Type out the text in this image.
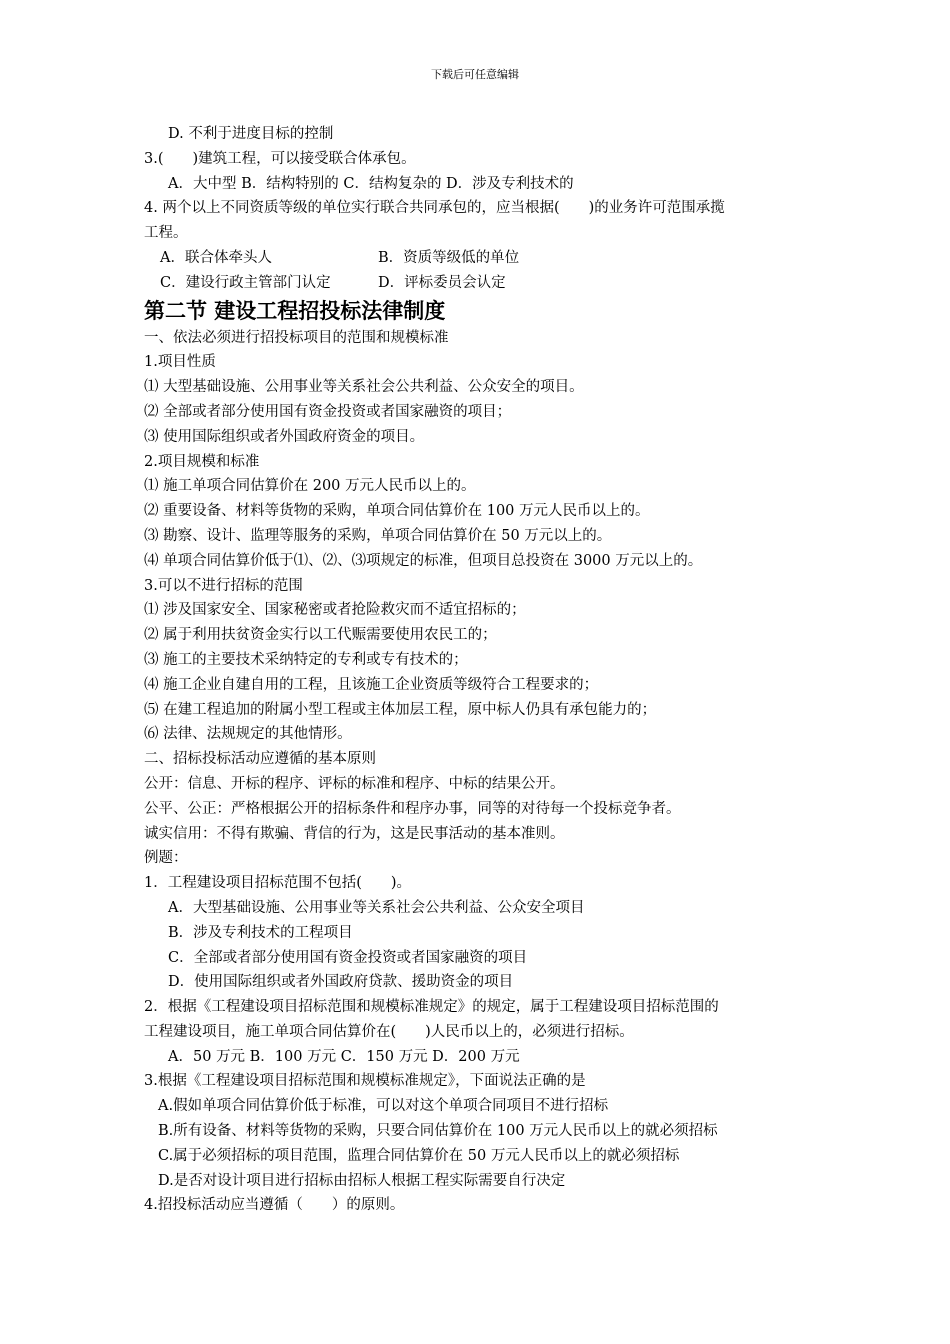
下载后可任意编辑
D. 不利于进度目标的控制
3.(　　)建筑工程，可以接受联合体承包。
A．大中型 B．结构特别的 C．结构复杂的 D．涉及专利技术的
4. 两个以上不同资质等级的单位实行联合共同承包的，应当根据(　　)的业务许可范围承揽
工程。
A．联合体牵头人	B．资质等级低的单位
C．建设行政主管部门认定	D．评标委员会认定
第二节 建设工程招投标法律制度
一、依法必须进行招投标项目的范围和规模标准
1.项目性质
⑴ 大型基础设施、公用事业等关系社会公共利益、公众安全的项目。
⑵ 全部或者部分使用国有资金投资或者国家融资的项目；
⑶ 使用国际组织或者外国政府资金的项目。
2.项目规模和标准
⑴ 施工单项合同估算价在 200 万元人民币以上的。
⑵ 重要设备、材料等货物的采购，单项合同估算价在 100 万元人民币以上的。
⑶ 勘察、设计、监理等服务的采购，单项合同估算价在 50 万元以上的。
⑷ 单项合同估算价低于⑴、⑵、⑶项规定的标准，但项目总投资在 3000 万元以上的。
3.可以不进行招标的范围
⑴ 涉及国家安全、国家秘密或者抢险救灾而不适宜招标的；
⑵ 属于利用扶贫资金实行以工代赈需要使用农民工的；
⑶ 施工的主要技术采纳特定的专利或专有技术的；
⑷ 施工企业自建自用的工程，且该施工企业资质等级符合工程要求的；
⑸ 在建工程追加的附属小型工程或主体加层工程，原中标人仍具有承包能力的；
⑹ 法律、法规规定的其他情形。
二、招标投标活动应遵循的基本原则
公开：信息、开标的程序、评标的标准和程序、中标的结果公开。
公平、公正：严格根据公开的招标条件和程序办事，同等的对待每一个投标竞争者。
诚实信用：不得有欺骗、背信的行为，这是民事活动的基本准则。
例题：
1．工程建设项目招标范围不包括(　　)。
A．大型基础设施、公用事业等关系社会公共利益、公众安全项目
B．涉及专利技术的工程项目
C．全部或者部分使用国有资金投资或者国家融资的项目
D．使用国际组织或者外国政府贷款、援助资金的项目
2．根据《工程建设项目招标范围和规模标准规定》的规定，属于工程建设项目招标范围的
工程建设项目，施工单项合同估算价在(　　)人民币以上的，必须进行招标。
A．50 万元 B．100 万元 C．150 万元 D．200 万元
3.根据《工程建设项目招标范围和规模标准规定》，下面说法正确的是
A.假如单项合同估算价低于标准，可以对这个单项合同项目不进行招标
B.所有设备、材料等货物的采购，只要合同估算价在 100 万元人民币以上的就必须招标
C.属于必须招标的项目范围，监理合同估算价在 50 万元人民币以上的就必须招标
D.是否对设计项目进行招标由招标人根据工程实际需要自行决定
4.招投标活动应当遵循（　　）的原则。
